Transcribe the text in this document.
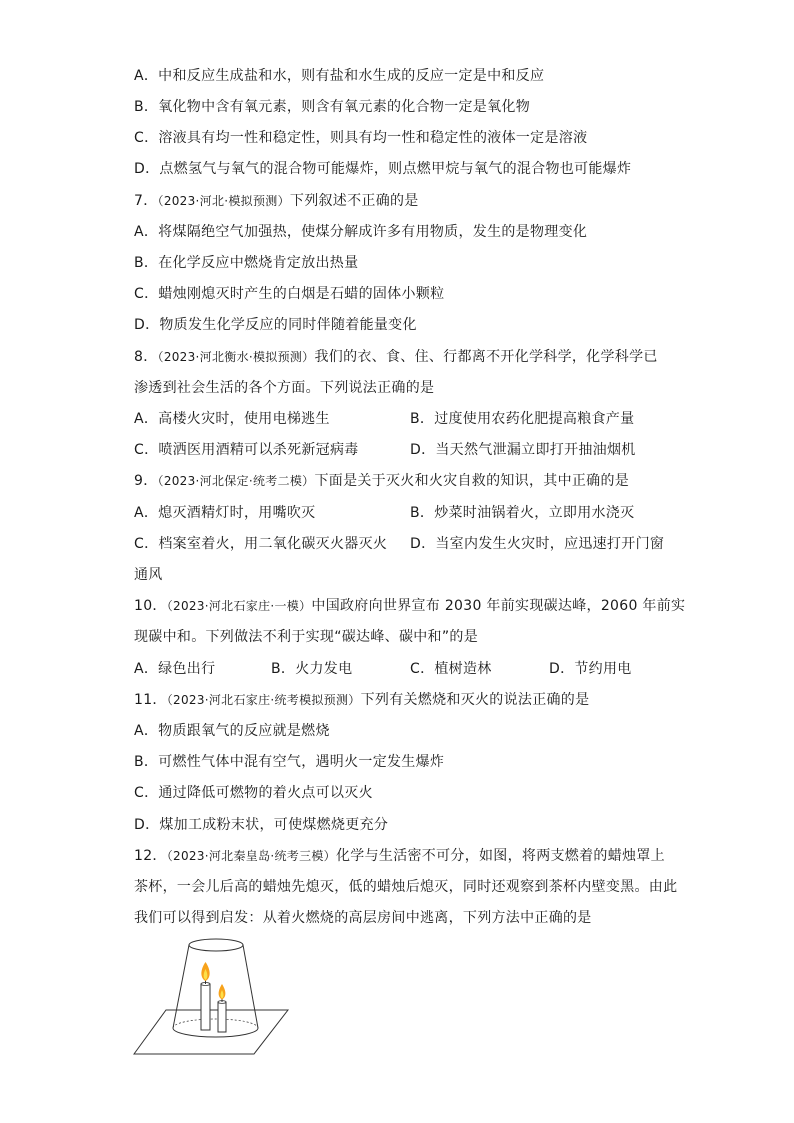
A．中和反应生成盐和水，则有盐和水生成的反应一定是中和反应
B．氧化物中含有氧元素，则含有氧元素的化合物一定是氧化物
C．溶液具有均一性和稳定性，则具有均一性和稳定性的液体一定是溶液
D．点燃氢气与氧气的混合物可能爆炸，则点燃甲烷与氧气的混合物也可能爆炸
7．（2023·河北·模拟预测）下列叙述不正确的是
A．将煤隔绝空气加强热，使煤分解成许多有用物质，发生的是物理变化
B．在化学反应中燃烧肯定放出热量
C．蜡烛刚熄灭时产生的白烟是石蜡的固体小颗粒
D．物质发生化学反应的同时伴随着能量变化
8．（2023·河北衡水·模拟预测）我们的衣、食、住、行都离不开化学科学，化学科学已
渗透到社会生活的各个方面。下列说法正确的是
A．高楼火灾时，使用电梯逃生	B．过度使用农药化肥提高粮食产量
C．喷洒医用酒精可以杀死新冠病毒	D．当天然气泄漏立即打开抽油烟机
9．（2023·河北保定·统考二模）下面是关于灭火和火灾自救的知识，其中正确的是
A．熄灭酒精灯时，用嘴吹灭	B．炒菜时油锅着火，立即用水浇灭
C．档案室着火，用二氧化碳灭火器灭火 D．当室内发生火灾时，应迅速打开门窗
通风
10．（2023·河北石家庄·一模）中国政府向世界宣布 2030 年前实现碳达峰，2060 年前实
现碳中和。下列做法不利于实现“碳达峰、碳中和”的是
A．绿色出行	B．火力发电	C．植树造林	D．节约用电
11．（2023·河北石家庄·统考模拟预测）下列有关燃烧和灭火的说法正确的是
A．物质跟氧气的反应就是燃烧
B．可燃性气体中混有空气，遇明火一定发生爆炸
C．通过降低可燃物的着火点可以灭火
D．煤加工成粉末状，可使煤燃烧更充分
12．（2023·河北秦皇岛·统考三模）化学与生活密不可分，如图，将两支燃着的蜡烛罩上
茶杯，一会儿后高的蜡烛先熄灭，低的蜡烛后熄灭，同时还观察到茶杯内壁变黑。由此
我们可以得到启发：从着火燃烧的高层房间中逃离，下列方法中正确的是
